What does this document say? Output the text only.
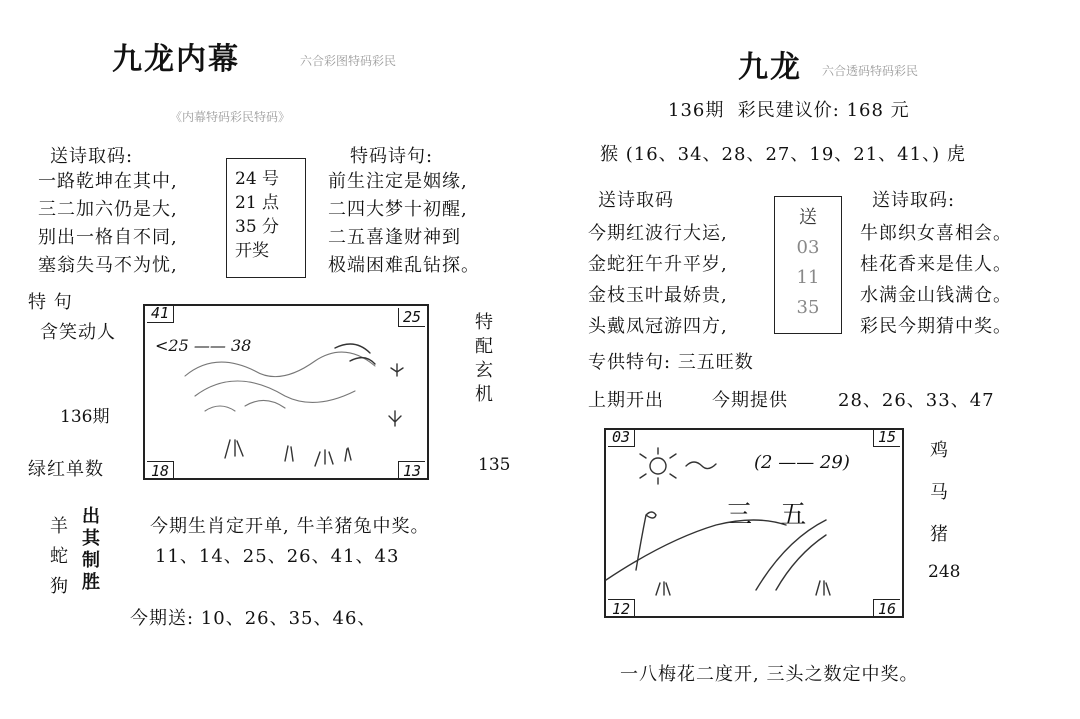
九龙内幕	六合彩图特码彩民
《内幕特码彩民特码》
送诗取码:	特码诗句:
一路乾坤在其中,
三二加六仍是大,
别出一格自不同,
塞翁失马不为忧,
24 号
21 点
35 分
开奖
前生注定是姻缘,
二四大梦十初醒,
二五喜逢财神到
极端困难乱钻探。
特 句
含笑动人
136期
绿红单数
41	25
18	13
<25 —— 38	特配玄机
135
羊
蛇
狗
出
其
制
胜
今期生肖定开单, 牛羊猪兔中奖。
11、14、25、26、41、43
今期送: 10、26、35、46、
九龙 六合透码特码彩民
136期  彩民建议价: 168 元
猴 (16、34、28、27、19、21、41、) 虎
送诗取码	送诗取码:
今期红波行大运,
金蛇狂午升平岁,
金枝玉叶最娇贵,
头戴凤冠游四方,
送
03
11
35
牛郎织女喜相会。
桂花香来是佳人。
水满金山钱满仓。
彩民今期猜中奖。
专供特句: 三五旺数
上期开出	今期提供	28、26、33、47
03	15
12	16
(2 —— 29)
三 五
鸡
马
猪
248
一八梅花二度开, 三头之数定中奖。
